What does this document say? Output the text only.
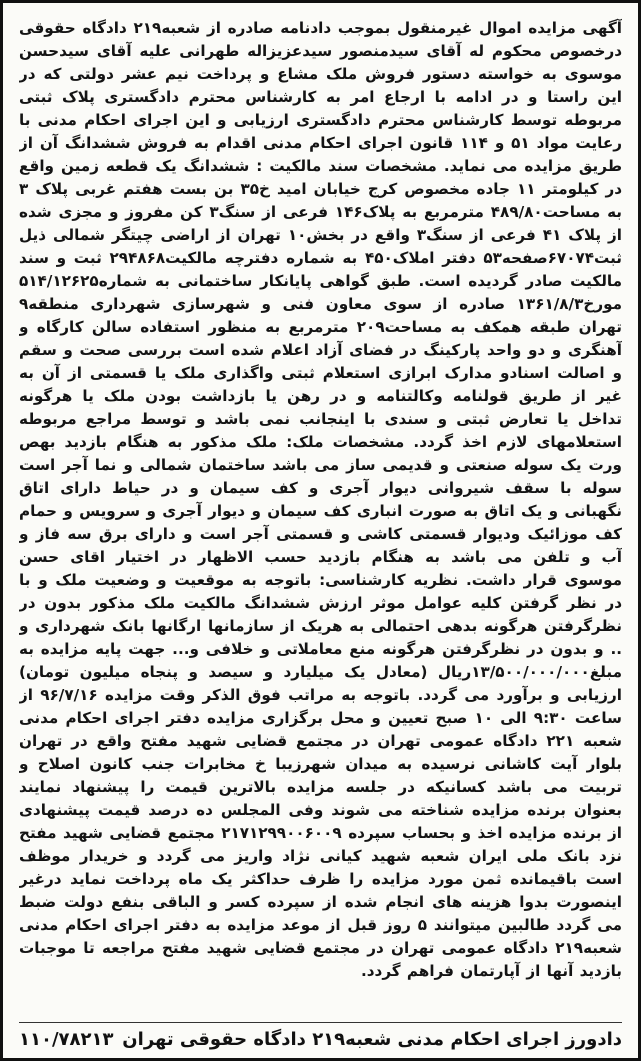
آگهی مزایده اموال غیرمنقول بموجب دادنامه صادره از شعبه۲۱۹ دادگاه حقوقی درخصوص محکوم له آقای سیدمنصور سیدعزیزاله طهرانی علیه آقای سیدحسن موسوی به خواسته دستور فروش ملک مشاع و پرداخت نیم عشر دولتی که در این راستا و در ادامه با ارجاع امر به کارشناس محترم دادگستری پلاک ثبتی مربوطه توسط کارشناس محترم دادگستری ارزیابی و این اجرای احکام مدنی با رعایت مواد ۵۱ و ۱۱۴ قانون اجرای احکام مدنی اقدام به فروش ششدانگ آن از طریق مزایده می نماید. مشخصات سند مالکیت : ششدانگ یک قطعه زمین واقع در کیلومتر ۱۱ جاده مخصوص کرج خیابان امید خ۳۵ بن بست هفتم غربی پلاک ۳ به مساحت۴۸۹/۸۰ مترمربع به پلاک۱۴۶ فرعی از سنگ۳ کن مفروز و مجزی شده از پلاک ۴۱ فرعی از سنگ۳ واقع در بخش۱۰ تهران از اراضی چیتگر شمالی ذیل ثبت۶۷۰۷۴صفحه۵۳ دفتر املاک۴۵۰ به شماره دفترچه مالکیت۲۹۴۸۶۸ ثبت و سند مالکیت صادر گردیده است. طبق گواهی پایانکار ساختمانی به شماره۵۱۴/۱۲۶۲۵ مورخ۱۳۶۱/۸/۳ صادره از سوی معاون فنی و شهرسازی شهرداری منطقه۹ تهران طبقه همکف به مساحت۲۰۹ مترمربع به منظور استفاده سالن کارگاه و آهنگری و دو واحد پارکینگ در فضای آزاد اعلام شده است بررسی صحت و سقم و اصالت اسنادو مدارک ابرازی استعلام ثبتی واگذاری ملک یا قسمتی از آن به غیر از طریق قولنامه وکالتنامه و در رهن یا بازداشت بودن ملک یا هرگونه تداخل یا تعارض ثبتی و سندی با اینجانب نمی باشد و توسط مراجع مربوطه استعلامهای لازم اخذ گردد. مشخصات ملک: ملک مذکور به هنگام بازدید بهص ورت یک سوله صنعتی و قدیمی ساز می باشد ساختمان شمالی و نما آجر است سوله با سقف شیروانی دیوار آجری و کف سیمان و در حیاط دارای اتاق نگهبانی و یک اتاق به صورت انباری کف سیمان و دیوار آجری و سرویس و حمام کف موزائیک ودیوار قسمتی کاشی و قسمتی آجر است و دارای برق سه فاز و آب و تلفن می باشد به هنگام بازدید حسب الاظهار در اختیار اقای حسن موسوی قرار داشت. نظریه کارشناسی: باتوجه به موقعیت و وضعیت ملک و با در نظر گرفتن کلیه عوامل موثر ارزش ششدانگ مالکیت ملک مذکور بدون در نظرگرفتن هرگونه بدهی احتمالی به هریک از سازمانها ارگانها بانک شهرداری و .. و بدون در نظرگرفتن هرگونه منع معاملاتی و خلافی و... جهت پایه مزایده به مبلغ۱۳/۵۰۰/۰۰۰/۰۰۰ریال (معادل یک میلیارد و سیصد و پنجاه میلیون تومان) ارزیابی و برآورد می گردد. باتوجه به مراتب فوق الذکر وقت مزایده ۹۶/۷/۱۶ از ساعت ۹:۳۰ الی ۱۰ صبح تعیین و محل برگزاری مزایده دفتر اجرای احکام مدنی شعبه ۲۲۱ دادگاه عمومی تهران در مجتمع قضایی شهید مفتح واقع در تهران بلوار آیت کاشانی نرسیده به میدان شهرزیبا خ مخابرات جنب کانون اصلاح و تربیت می باشد کسانیکه در جلسه مزایده بالاترین قیمت را پیشنهاد نمایند بعنوان برنده مزایده شناخته می شوند وفی المجلس ده درصد قیمت پیشنهادی از برنده مزایده اخذ و بحساب سپرده ۲۱۷۱۲۹۹۰۰۶۰۰۹ مجتمع قضایی شهید مفتح نزد بانک ملی ایران شعبه شهید کیانی نژاد واریز می گردد و خریدار موظف است باقیمانده ثمن مورد مزایده را ظرف حداکثر یک ماه پرداخت نماید درغیر اینصورت بدوا هزینه های انجام شده از سپرده کسر و الباقی بنفع دولت ضبط می گردد طالبین میتوانند ۵ روز قبل از موعد مزایده به دفتر اجرای احکام مدنی شعبه۲۱۹ دادگاه عمومی تهران در مجتمع قضایی شهید مفتح مراجعه تا موجبات بازدید آنها از آپارتمان فراهم گردد.

دادورز اجرای احکام مدنی شعبه۲۱۹ دادگاه حقوقی تهران
۱۱۰/۷۸۲۱۳
